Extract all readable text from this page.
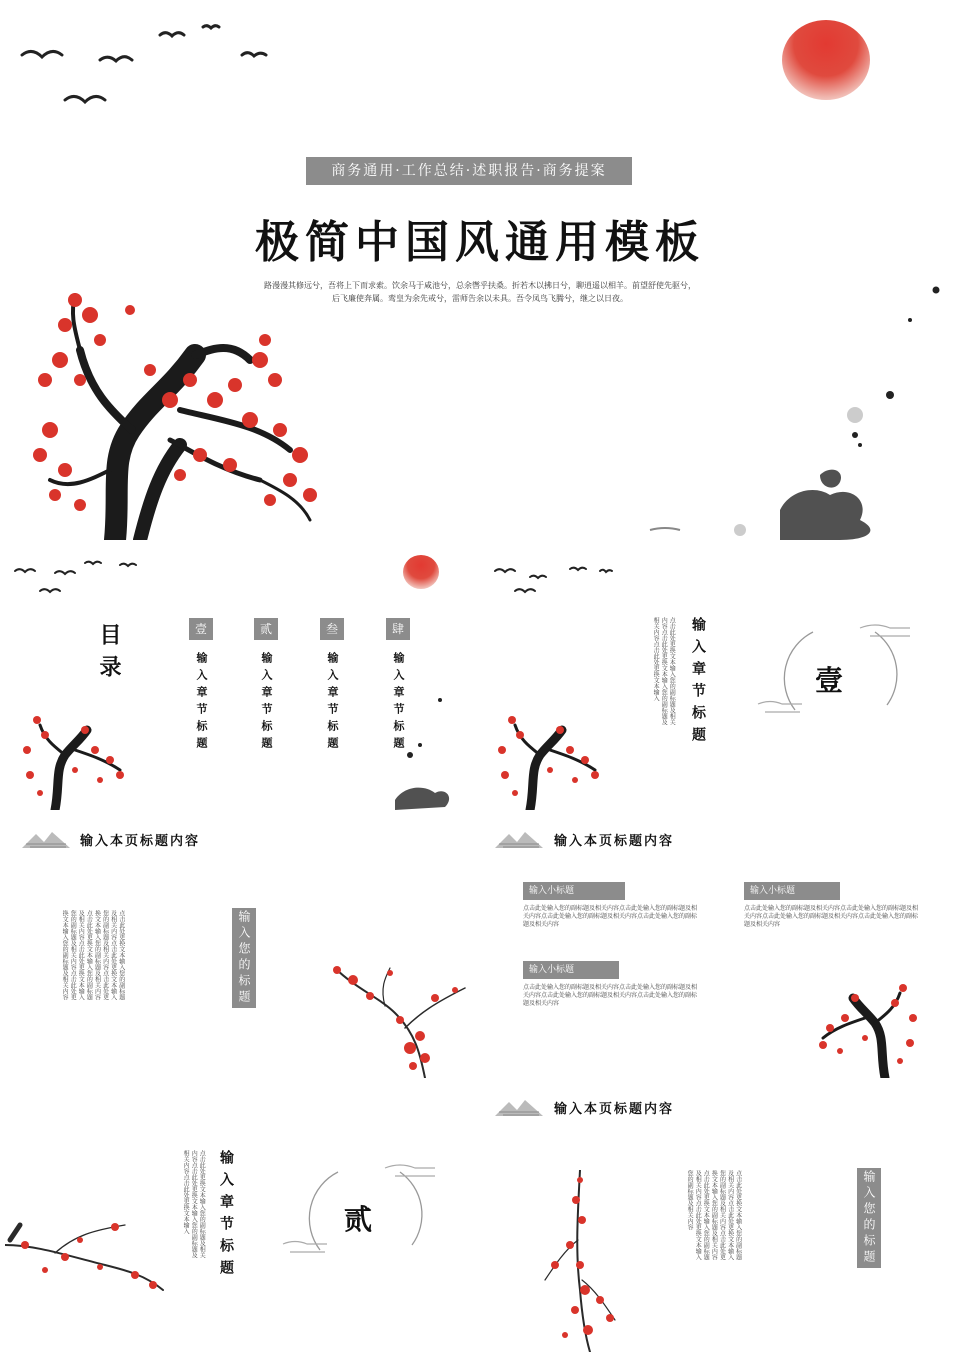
商务通用·工作总结·述职报告·商务提案
极简中国风通用模板
路漫漫其修远兮，吾将上下而求索。饮余马于咸池兮，总余辔乎扶桑。折若木以拂日兮，聊逍遥以相羊。前望舒使先驱兮，
后飞廉使奔属。鸾皇为余先戒兮，雷师告余以未具。吾令凤鸟飞腾兮，继之以日夜。
目录	壹
输入章节标题
贰
输入章节标题
叁
输入章节标题
肆
输入章节标题	点击此处更换文本输入您的副标题及相关内容点击此处更换文本输入您的副标题及相关内容点击此处更换文本输入	输入章节标题	壹
输入本页标题内容
点击此处更换文本输入您的副标题及相关内容点击此处更换文本输入您的副标题及相关内容点击此处更换文本输入您的副标题及相关内容点击此处更换文本输入您的副标题及相关内容点击此处更换文本输入您的副标题及相关内容点击此处更换文本输入您的副标题及相关内容	输入您的标题
输入本页标题内容
输入小标题
点击此处输入您的副标题及相关内容点击此处输入您的副标题及相关内容点击此处输入您的副标题及相关内容点击此处输入您的副标题及相关内容
输入小标题
点击此处输入您的副标题及相关内容点击此处输入您的副标题及相关内容点击此处输入您的副标题及相关内容点击此处输入您的副标题及相关内容
输入小标题
点击此处输入您的副标题及相关内容点击此处输入您的副标题及相关内容点击此处输入您的副标题及相关内容点击此处输入您的副标题及相关内容
点击此处更换文本输入您的副标题及相关内容点击此处更换文本输入您的副标题及相关内容点击此处更换文本输入	输入章节标题	贰
输入本页标题内容
点击此处更换文本输入您的副标题及相关内容点击此处更换文本输入您的副标题及相关内容点击此处更换文本输入您的副标题及相关内容点击此处更换文本输入您的副标题及相关内容点击此处更换文本输入您的副标题及相关内容	输入您的标题
